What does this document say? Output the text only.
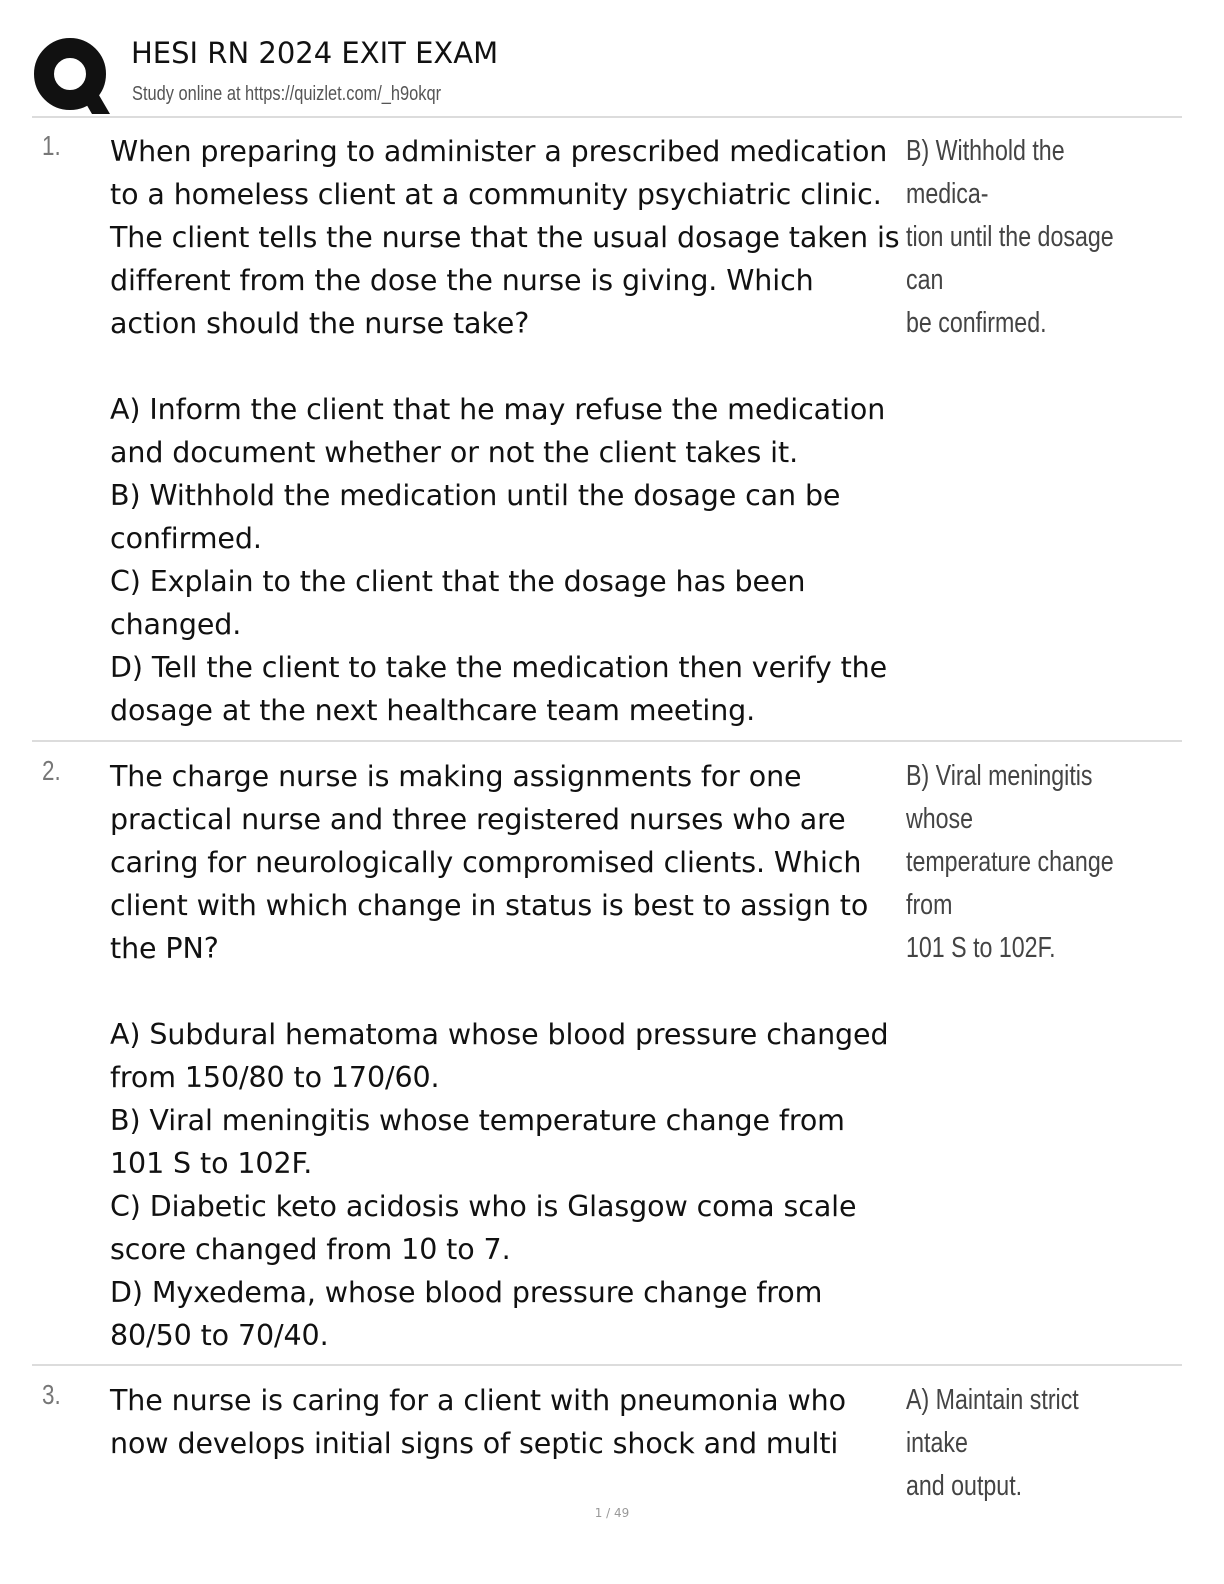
HESI RN 2024 EXIT EXAM
Study online at https://quizlet.com/_h9okqr
1. When preparing to administer a prescribed medication to a homeless client at a community psychiatric clinic. The client tells the nurse that the usual dosage taken is different from the dose the nurse is giving. Which action should the nurse take?

A) Inform the client that he may refuse the medication and document whether or not the client takes it.

B) Withhold the medication until the dosage can be confirmed.

C) Explain to the client that the dosage has been changed.

D) Tell the client to take the medication then verify the dosage at the next healthcare team meeting.

B) Withhold the medica-
tion until the dosage can
be confirmed.
2. The charge nurse is making assignments for one practical nurse and three registered nurses who are caring for neurologically compromised clients. Which client with which change in status is best to assign to the PN?

A) Subdural hematoma whose blood pressure changed from 150/80 to 170/60.

B) Viral meningitis whose temperature change from 101 S to 102F.

C) Diabetic keto acidosis who is Glasgow coma scale score changed from 10 to 7.

D) Myxedema, whose blood pressure change from 80/50 to 70/40.

B) Viral meningitis whose
temperature change from
101 S to 102F.
3. The nurse is caring for a client with pneumonia who now develops initial signs of septic shock and multi

A) Maintain strict intake
and output.
1 / 49
